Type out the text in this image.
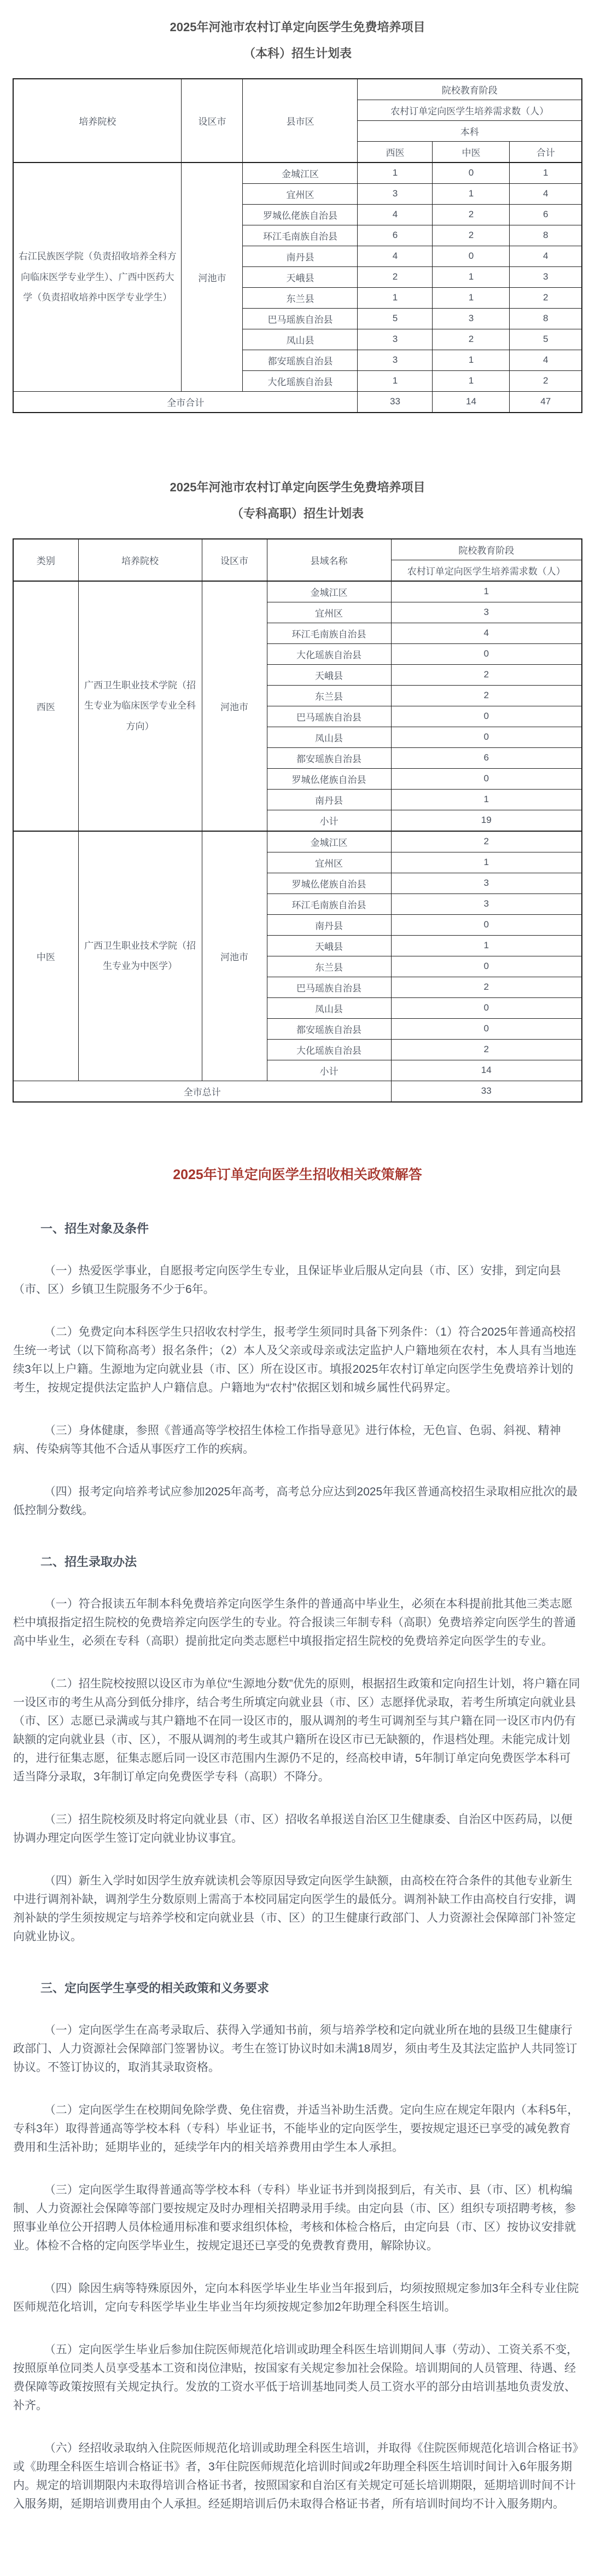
2025年河池市农村订单定向医学生免费培养项目
（本科）招生计划表
培养院校	设区市	县市区	院校教育阶段		
			农村订单定向医学生培养需求数（人）		
			本科		
			西医	中医	合计
右江民族医学院（负责招收培养全科方向临床医学专业学生）、广西中医药大学（负责招收培养中医学专业学生）	河池市	金城江区	1	0	1
		宜州区	3	1	4
		罗城仫佬族自治县	4	2	6
		环江毛南族自治县	6	2	8
		南丹县	4	0	4
		天峨县	2	1	3
		东兰县	1	1	2
		巴马瑶族自治县	5	3	8
		凤山县	3	2	5
		都安瑶族自治县	3	1	4
		大化瑶族自治县	1	1	2
全市合计			33	14	47
2025年河池市农村订单定向医学生免费培养项目
（专科高职）招生计划表
类别	培养院校	设区市	县域名称	院校教育阶段
				农村订单定向医学生培养需求数（人）
西医	广西卫生职业技术学院（招生专业为临床医学专业全科方向）	河池市	金城江区	1
			宜州区	3
			环江毛南族自治县	4
			大化瑶族自治县	0
			天峨县	2
			东兰县	2
			巴马瑶族自治县	0
			凤山县	0
			都安瑶族自治县	6
			罗城仫佬族自治县	0
			南丹县	1
			小计	19
中医	广西卫生职业技术学院（招生专业为中医学）	河池市	金城江区	2
			宜州区	1
			罗城仫佬族自治县	3
			环江毛南族自治县	3
			南丹县	0
			天峨县	1
			东兰县	0
			巴马瑶族自治县	2
			凤山县	0
			都安瑶族自治县	0
			大化瑶族自治县	2
			小计	14
全市总计				33
2025年订单定向医学生招收相关政策解答
一、招生对象及条件

（一）热爱医学事业，自愿报考定向医学生专业，且保证毕业后服从定向县（市、区）安排，到定向县（市、区）乡镇卫生院服务不少于6年。

（二）免费定向本科医学生只招收农村学生，报考学生须同时具备下列条件：（1）符合2025年普通高校招生统一考试（以下简称高考）报名条件；（2）本人及父亲或母亲或法定监护人户籍地须在农村，本人具有当地连续3年以上户籍。生源地为定向就业县（市、区）所在设区市。填报2025年农村订单定向医学生免费培养计划的考生，按规定提供法定监护人户籍信息。户籍地为“农村”依据区划和城乡属性代码界定。

（三）身体健康，参照《普通高等学校招生体检工作指导意见》进行体检，无色盲、色弱、斜视、精神病、传染病等其他不合适从事医疗工作的疾病。

（四）报考定向培养考试应参加2025年高考，高考总分应达到2025年我区普通高校招生录取相应批次的最低控制分数线。

二、招生录取办法

（一）符合报读五年制本科免费培养定向医学生条件的普通高中毕业生，必须在本科提前批其他三类志愿栏中填报指定招生院校的免费培养定向医学生的专业。符合报读三年制专科（高职）免费培养定向医学生的普通高中毕业生，必须在专科（高职）提前批定向类志愿栏中填报指定招生院校的免费培养定向医学生的专业。

（二）招生院校按照以设区市为单位“生源地分数”优先的原则，根据招生政策和定向招生计划，将户籍在同一设区市的考生从高分到低分排序，结合考生所填定向就业县（市、区）志愿择优录取，若考生所填定向就业县（市、区）志愿已录满或与其户籍地不在同一设区市的，服从调剂的考生可调剂至与其户籍在同一设区市内仍有缺额的定向就业县（市、区），不服从调剂的考生或其户籍所在设区市已无缺额的，作退档处理。未能完成计划的，进行征集志愿，征集志愿后同一设区市范围内生源仍不足的，经高校申请，5年制订单定向免费医学本科可适当降分录取，3年制订单定向免费医学专科（高职）不降分。

（三）招生院校须及时将定向就业县（市、区）招收名单报送自治区卫生健康委、自治区中医药局，以便协调办理定向医学生签订定向就业协议事宜。

（四）新生入学时如因学生放弃就读机会等原因导致定向医学生缺额，由高校在符合条件的其他专业新生中进行调剂补缺，调剂学生分数原则上需高于本校同届定向医学生的最低分。调剂补缺工作由高校自行安排，调剂补缺的学生须按规定与培养学校和定向就业县（市、区）的卫生健康行政部门、人力资源社会保障部门补签定向就业协议。

三、定向医学生享受的相关政策和义务要求

（一）定向医学生在高考录取后、获得入学通知书前，须与培养学校和定向就业所在地的县级卫生健康行政部门、人力资源社会保障部门签署协议。考生在签订协议时如未满18周岁，须由考生及其法定监护人共同签订协议。不签订协议的，取消其录取资格。

（二）定向医学生在校期间免除学费、免住宿费，并适当补助生活费。定向生应在规定年限内（本科5年，专科3年）取得普通高等学校本科（专科）毕业证书，不能毕业的定向医学生，要按规定退还已享受的减免教育费用和生活补助；延期毕业的，延续学年内的相关培养费用由学生本人承担。

（三）定向医学生取得普通高等学校本科（专科）毕业证书并到岗报到后，有关市、县（市、区）机构编制、人力资源社会保障等部门要按规定及时办理相关招聘录用手续。由定向县（市、区）组织专项招聘考核，参照事业单位公开招聘人员体检通用标准和要求组织体检，考核和体检合格后，由定向县（市、区）按协议安排就业。体检不合格的定向医学毕业生，按规定退还已享受的免费教育费用，解除协议。

（四）除因生病等特殊原因外，定向本科医学毕业生毕业当年报到后，均须按照规定参加3年全科专业住院医师规范化培训，定向专科医学毕业生毕业当年均须按规定参加2年助理全科医生培训。

（五）定向医学生毕业后参加住院医师规范化培训或助理全科医生培训期间人事（劳动）、工资关系不变，按照原单位同类人员享受基本工资和岗位津贴，按国家有关规定参加社会保险。培训期间的人员管理、待遇、经费保障等政策按照有关规定执行。发放的工资水平低于培训基地同类人员工资水平的部分由培训基地负责发放、补齐。

（六）经招收录取纳入住院医师规范化培训或助理全科医生培训，并取得《住院医师规范化培训合格证书》或《助理全科医生培训合格证书》者，3年住院医师规范化培训时间或2年助理全科医生培训时间计入6年服务期内。规定的培训期限内未取得培训合格证书者，按照国家和自治区有关规定可延长培训期限，延期培训时间不计入服务期，延期培训费用由个人承担。经延期培训后仍未取得合格证书者，所有培训时间均不计入服务期内。
